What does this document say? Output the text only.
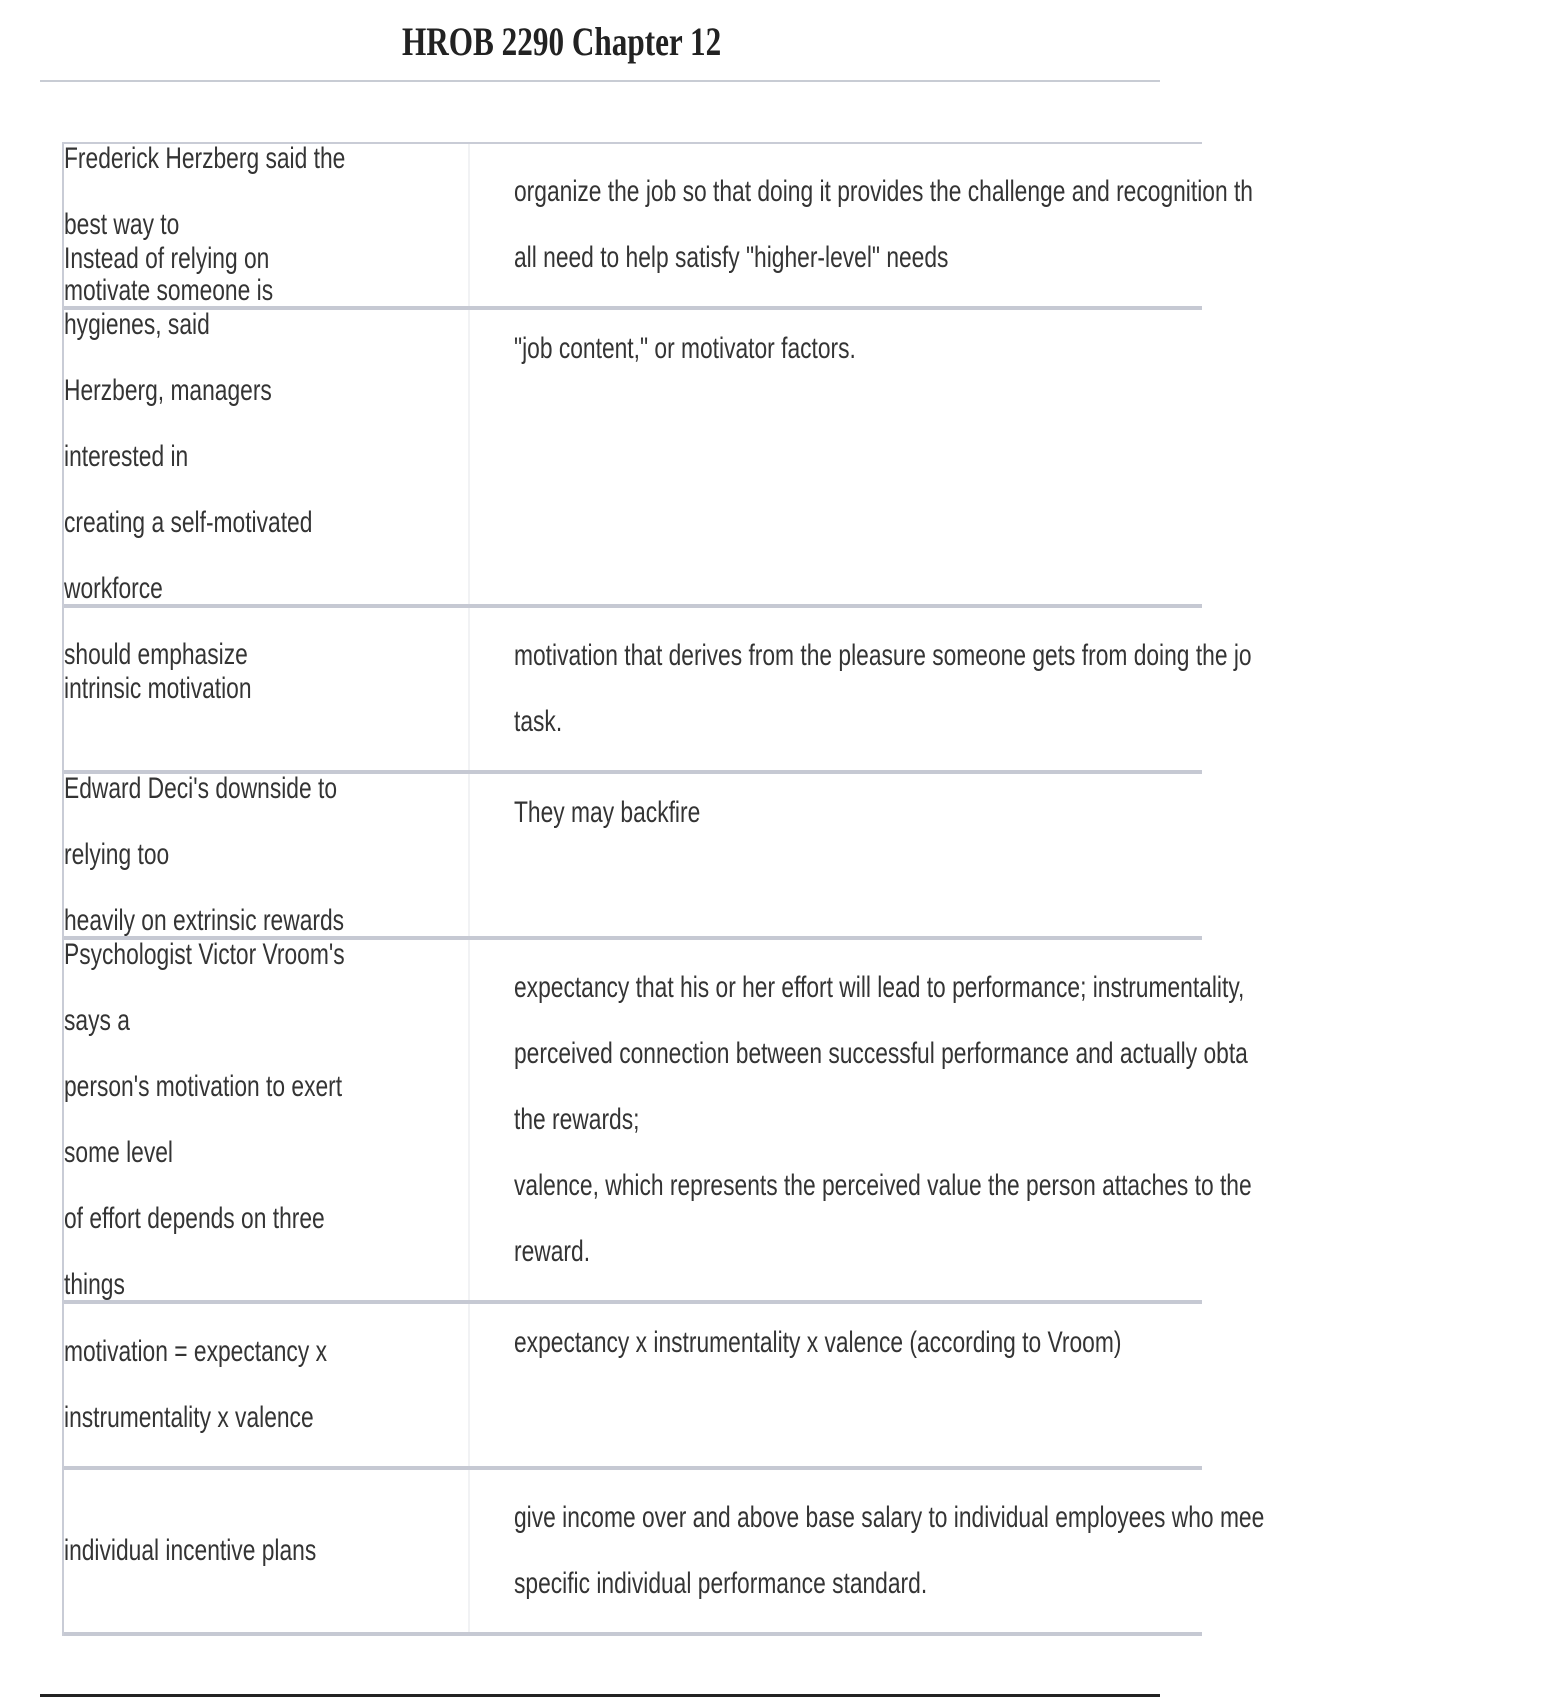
HROB 2290 Chapter 12
Frederick Herzberg said the best way to
motivate someone is
organize the job so that doing it provides the challenge and recognition th
all need to help satisfy "higher-level" needs
Instead of relying on hygienes, said
Herzberg, managers interested in
creating a self-motivated workforce
should emphasize
"job content," or motivator factors.
intrinsic motivation
motivation that derives from the pleasure someone gets from doing the jo
task.
Edward Deci's downside to relying too
heavily on extrinsic rewards
They may backfire
Psychologist Victor Vroom's says a
person's motivation to exert some level
of effort depends on three things
expectancy that his or her effort will lead to performance; instrumentality,
perceived connection between successful performance and actually obta
the rewards;
valence, which represents the perceived value the person attaches to the
reward.
motivation = expectancy x
instrumentality x valence
expectancy x instrumentality x valence (according to Vroom)
individual incentive plans
give income over and above base salary to individual employees who mee
specific individual performance standard.
